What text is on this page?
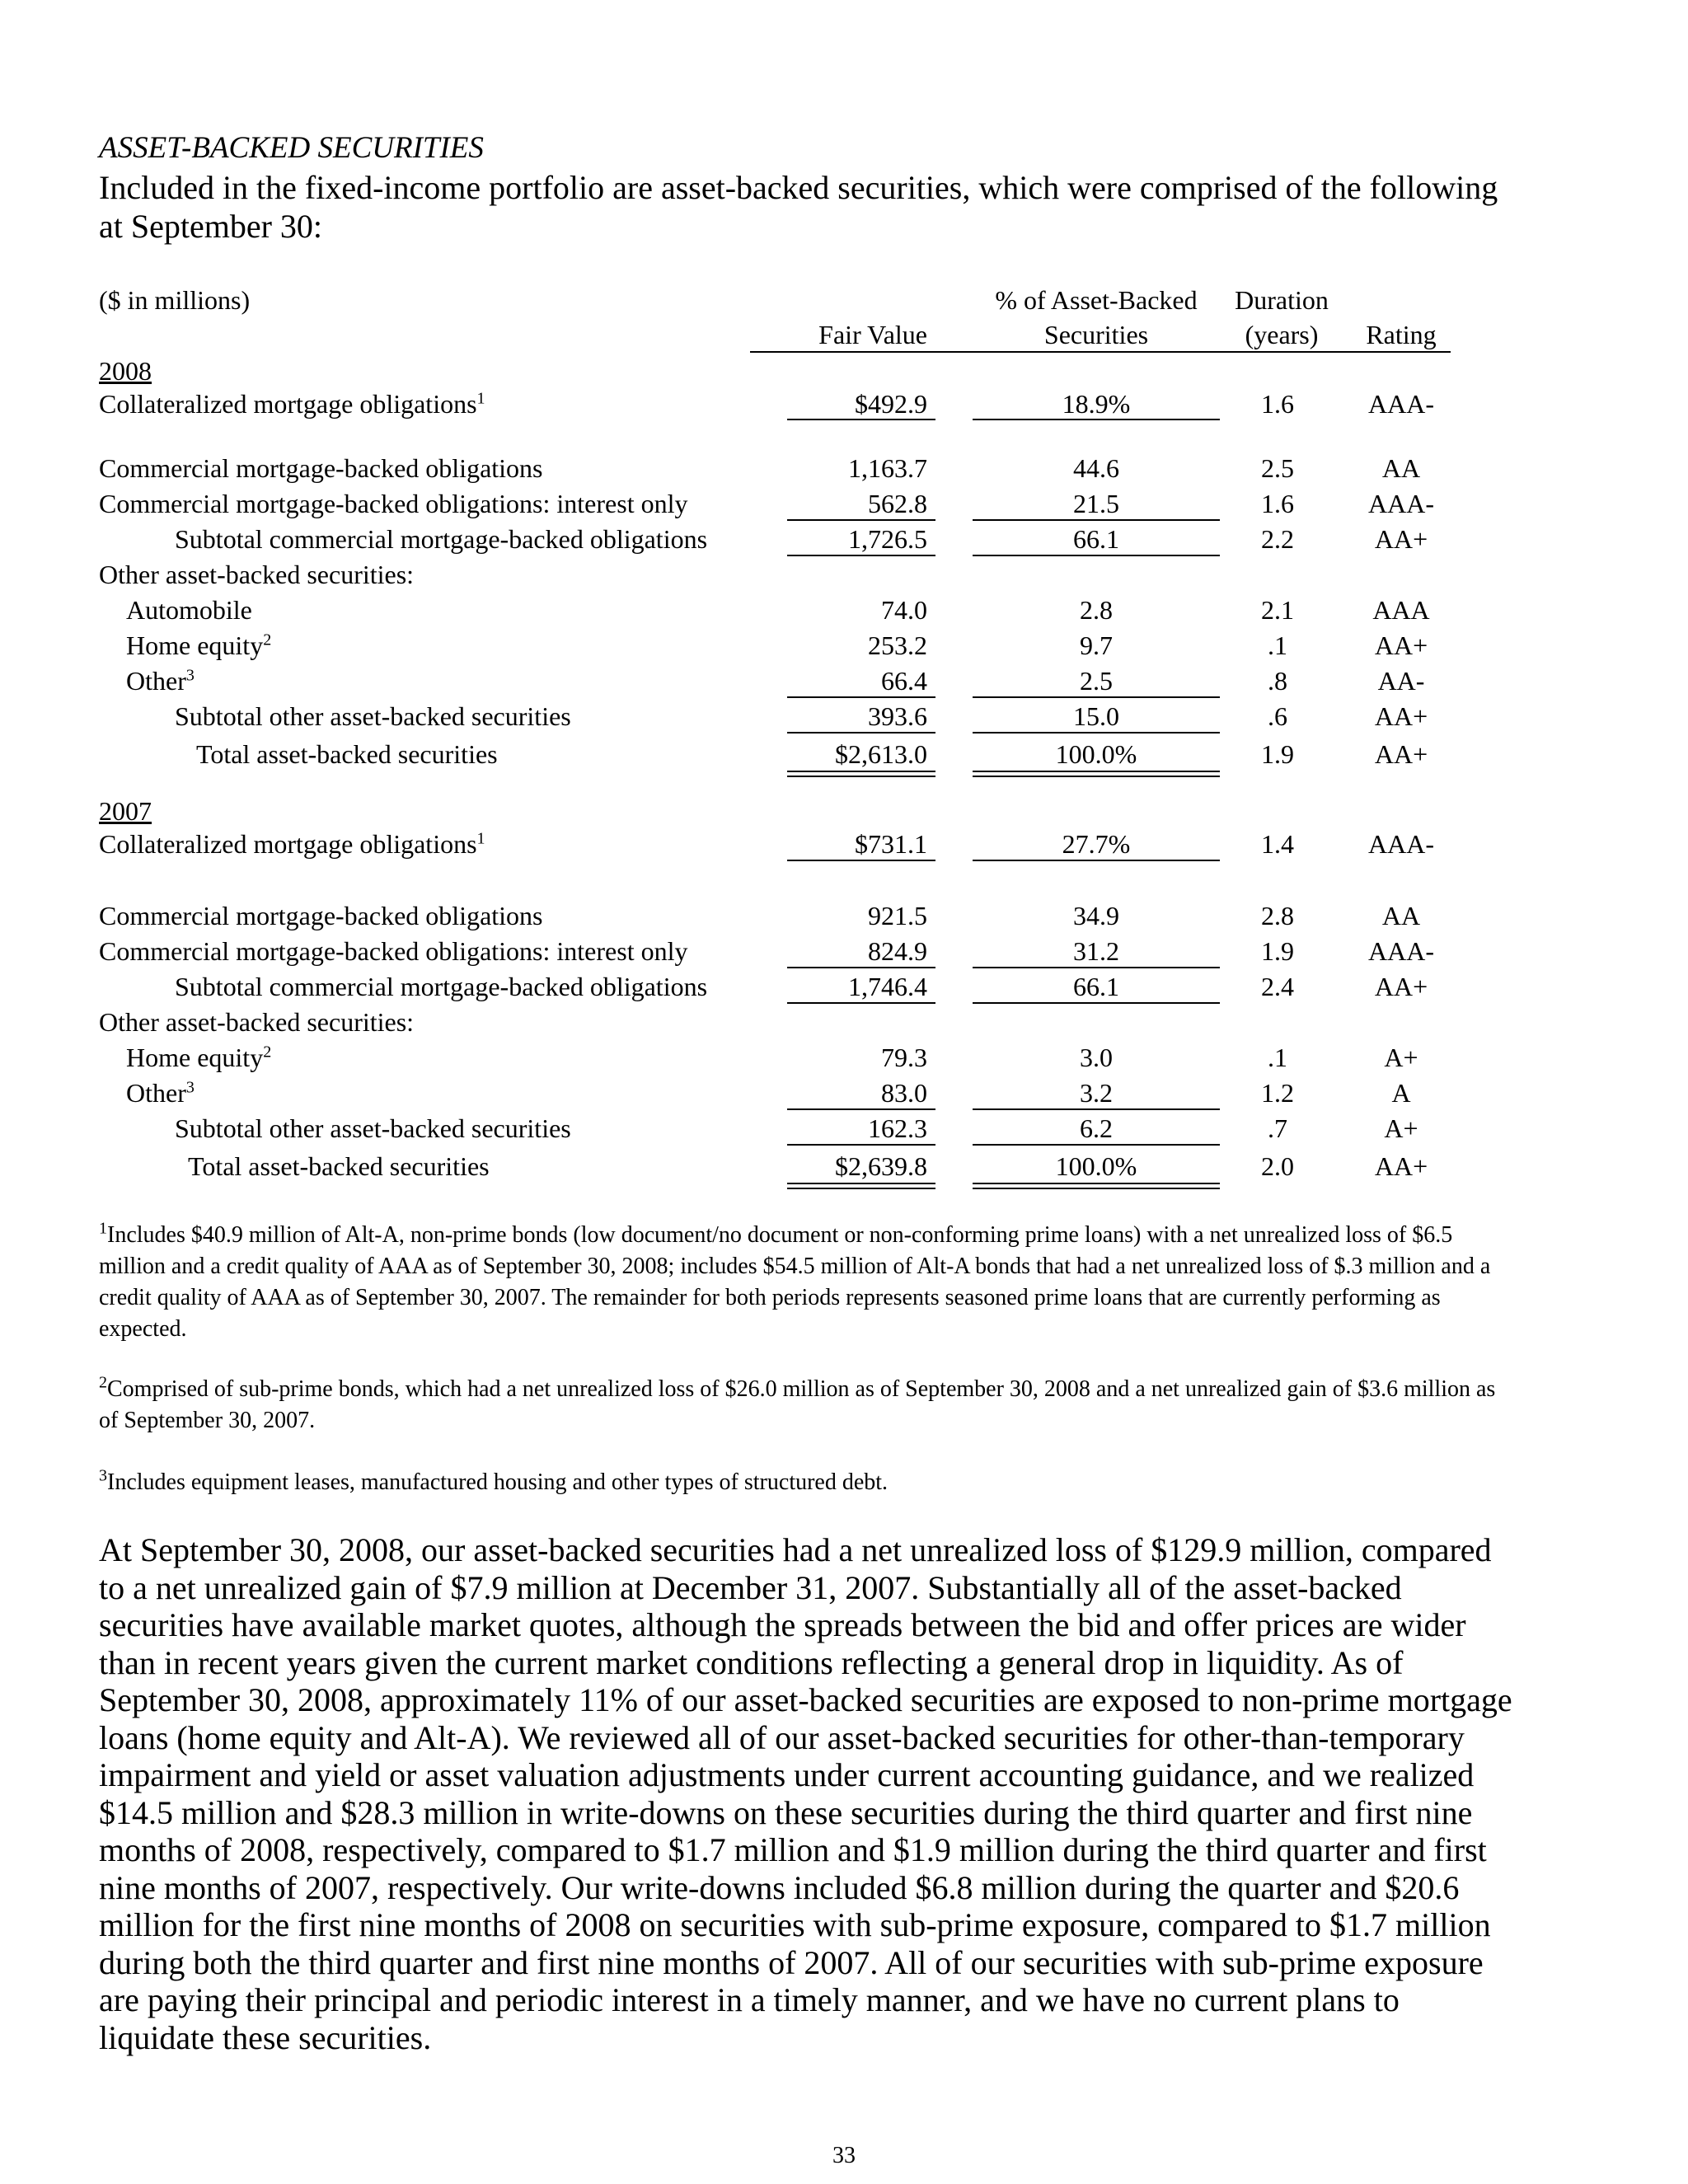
ASSET-BACKED SECURITIES
Included in the fixed-income portfolio are asset-backed securities, which were comprised of the following at September 30:
($ in millions)	% of Asset-Backed	Duration
Fair Value	Securities	(years)	Rating
2008
Collateralized mortgage obligations$^1$	$492.9	18.9%	1.6	AAA-
Commercial mortgage-backed obligations	1,163.7	44.6	2.5	AA
Commercial mortgage-backed obligations: interest only	562.8	21.5	1.6	AAA-
Subtotal commercial mortgage-backed obligations	1,726.5	66.1	2.2	AA+
Other asset-backed securities:
Automobile	74.0	2.8	2.1	AAA
Home equity$^2$	253.2	9.7	.1	AA+
Other$^3$	66.4	2.5	.8	AA-
Subtotal other asset-backed securities	393.6	15.0	.6	AA+
Total asset-backed securities	$2,613.0	100.0%	1.9	AA+
2007
Collateralized mortgage obligations$^1$	$731.1	27.7%	1.4	AAA-
Commercial mortgage-backed obligations	921.5	34.9	2.8	AA
Commercial mortgage-backed obligations: interest only	824.9	31.2	1.9	AAA-
Subtotal commercial mortgage-backed obligations	1,746.4	66.1	2.4	AA+
Other asset-backed securities:
Home equity$^2$	79.3	3.0	.1	A+
Other$^3$	83.0	3.2	1.2	A
Subtotal other asset-backed securities	162.3	6.2	.7	A+
Total asset-backed securities	$2,639.8	100.0%	2.0	AA+
$^1$Includes $40.9 million of Alt-A, non-prime bonds (low document/no document or non-conforming prime loans) with a net unrealized loss of $6.5 million and a credit quality of AAA as of September 30, 2008; includes $54.5 million of Alt-A bonds that had a net unrealized loss of $.3 million and a credit quality of AAA as of September 30, 2007. The remainder for both periods represents seasoned prime loans that are currently performing as expected.
$^2$Comprised of sub-prime bonds, which had a net unrealized loss of $26.0 million as of September 30, 2008 and a net unrealized gain of $3.6 million as of September 30, 2007.
$^3$Includes equipment leases, manufactured housing and other types of structured debt.
At September 30, 2008, our asset-backed securities had a net unrealized loss of $129.9 million, compared to a net unrealized gain of $7.9 million at December 31, 2007. Substantially all of the asset-backed securities have available market quotes, although the spreads between the bid and offer prices are wider than in recent years given the current market conditions reflecting a general drop in liquidity. As of September 30, 2008, approximately 11% of our asset-backed securities are exposed to non-prime mortgage loans (home equity and Alt-A). We reviewed all of our asset-backed securities for other-than-temporary impairment and yield or asset valuation adjustments under current accounting guidance, and we realized $14.5 million and $28.3 million in write-downs on these securities during the third quarter and first nine months of 2008, respectively, compared to $1.7 million and $1.9 million during the third quarter and first nine months of 2007, respectively. Our write-downs included $6.8 million during the quarter and $20.6 million for the first nine months of 2008 on securities with sub-prime exposure, compared to $1.7 million during both the third quarter and first nine months of 2007. All of our securities with sub-prime exposure are paying their principal and periodic interest in a timely manner, and we have no current plans to liquidate these securities.
33
